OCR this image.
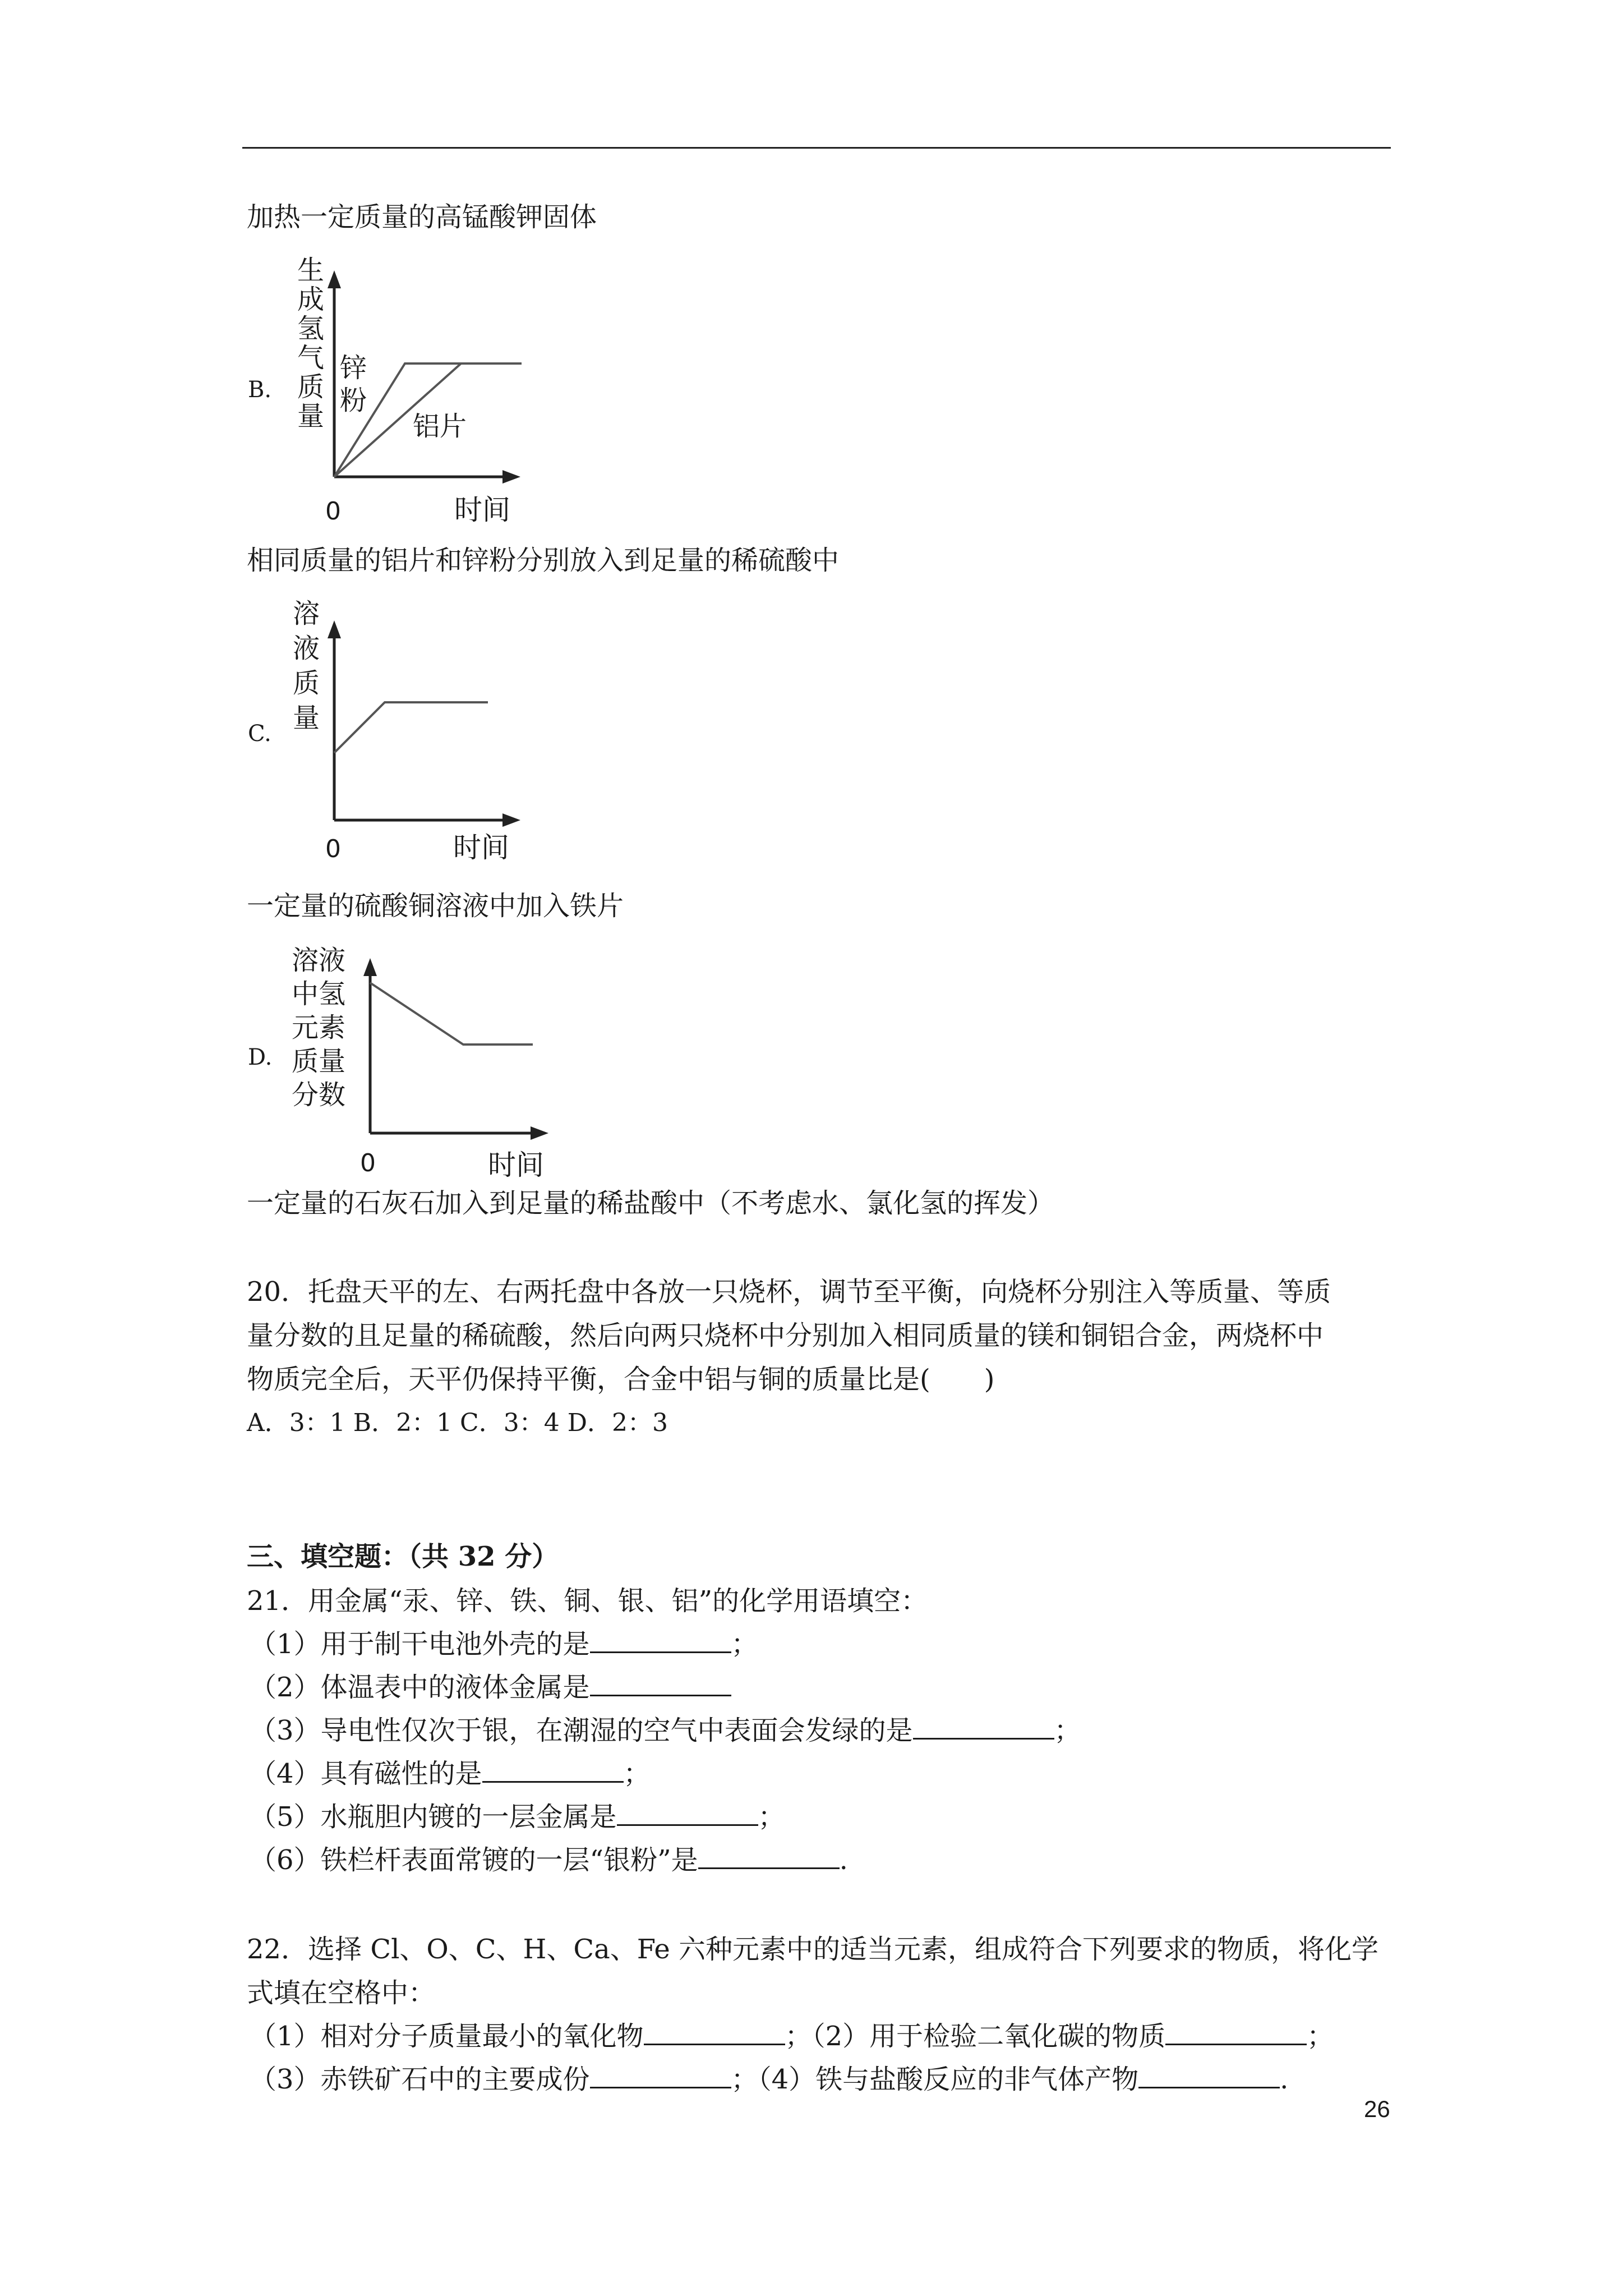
加热一定质量的高锰酸钾固体
B.
生
成
氢
气
质
量
锌
粉
铝片
0	时间
相同质量的铝片和锌粉分别放入到足量的稀硫酸中
C.
溶
液
质
量
0	时间
一定量的硫酸铜溶液中加入铁片
D.
溶液
中氢
元素
质量
分数
0	时间
一定量的石灰石加入到足量的稀盐酸中（不考虑水、氯化氢的挥发）
20．托盘天平的左、右两托盘中各放一只烧杯，调节至平衡，向烧杯分别注入等质量、等质
量分数的且足量的稀硫酸，然后向两只烧杯中分别加入相同质量的镁和铜铝合金，两烧杯中
物质完全后，天平仍保持平衡，合金中铝与铜的质量比是(　　)
A．3：1 B．2：1 C．3：4 D．2：3
三、填空题：（共 32 分）
21．用金属“汞、锌、铁、铜、银、铝”的化学用语填空：
（1）用于制干电池外壳的是	；
（2）体温表中的液体金属是
（3）导电性仅次于银，在潮湿的空气中表面会发绿的是	；
（4）具有磁性的是	；
（5）水瓶胆内镀的一层金属是	；
（6）铁栏杆表面常镀的一层“银粉”是	.
22．选择 Cl、O、C、H、Ca、Fe 六种元素中的适当元素，组成符合下列要求的物质，将化学
式填在空格中：
（1）相对分子质量最小的氧化物	；（2）用于检验二氧化碳的物质	；
（3）赤铁矿石中的主要成份	；（4）铁与盐酸反应的非气体产物	.
26
